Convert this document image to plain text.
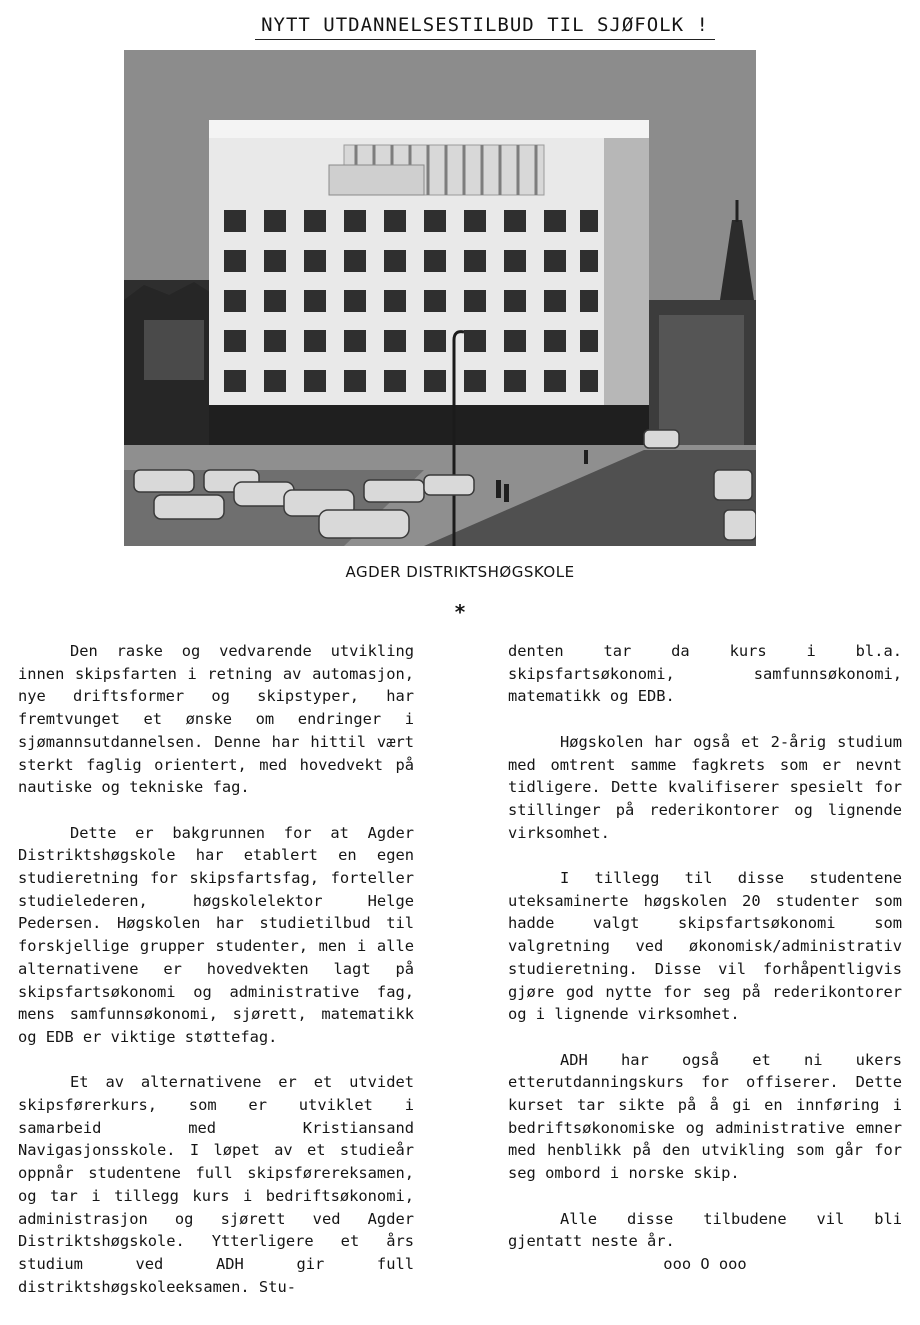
NYTT UTDANNELSESTILBUD TIL SJØFOLK !
AGDER DISTRIKTSHØGSKOLE
*

Den raske og vedvarende utvikling innen skipsfarten i retning av automasjon, nye driftsformer og skipstyper, har fremtvunget et ønske om endringer i sjømannsutdannelsen. Denne har hittil vært sterkt faglig orientert, med hovedvekt på nautiske og tekniske fag.

Dette er bakgrunnen for at Agder Distriktshøgskole har etablert en egen studieretning for skipsfartsfag, forteller studielederen, høgskolelektor Helge Pedersen. Høgskolen har studietilbud til forskjellige grupper studenter, men i alle alternativene er hovedvekten lagt på skipsfartsøkonomi og administrative fag, mens samfunnsøkonomi, sjørett, matematikk og EDB er viktige støttefag.

Et av alternativene er et utvidet skipsførerkurs, som er utviklet i samarbeid med Kristiansand Navigasjonsskole. I løpet av et studieår oppnår studentene full skipsførereksamen, og tar i tillegg kurs i bedriftsøkonomi, administrasjon og sjørett ved Agder Distriktshøgskole. Ytterligere et års studium ved ADH gir full distriktshøgskoleeksamen. Stu-

denten tar da kurs i bl.a. skipsfartsøkonomi, samfunnsøkonomi, matematikk og EDB.

Høgskolen har også et 2-årig studium med omtrent samme fagkrets som er nevnt tidligere. Dette kvalifiserer spesielt for stillinger på rederikontorer og lignende virksomhet.

I tillegg til disse studentene uteksaminerte høgskolen 20 studenter som hadde valgt skipsfartsøkonomi som valgretning ved økonomisk/administrativ studieretning. Disse vil forhåpentligvis gjøre god nytte for seg på rederikontorer og i lignende virksomhet.

ADH har også et ni ukers etterutdanningskurs for offiserer. Dette kurset tar sikte på å gi en innføring i bedriftsøkonomiske og administrative emner med henblikk på den utvikling som går for seg ombord i norske skip.

Alle disse tilbudene vil bli gjentatt neste år.

ooo O ooo
